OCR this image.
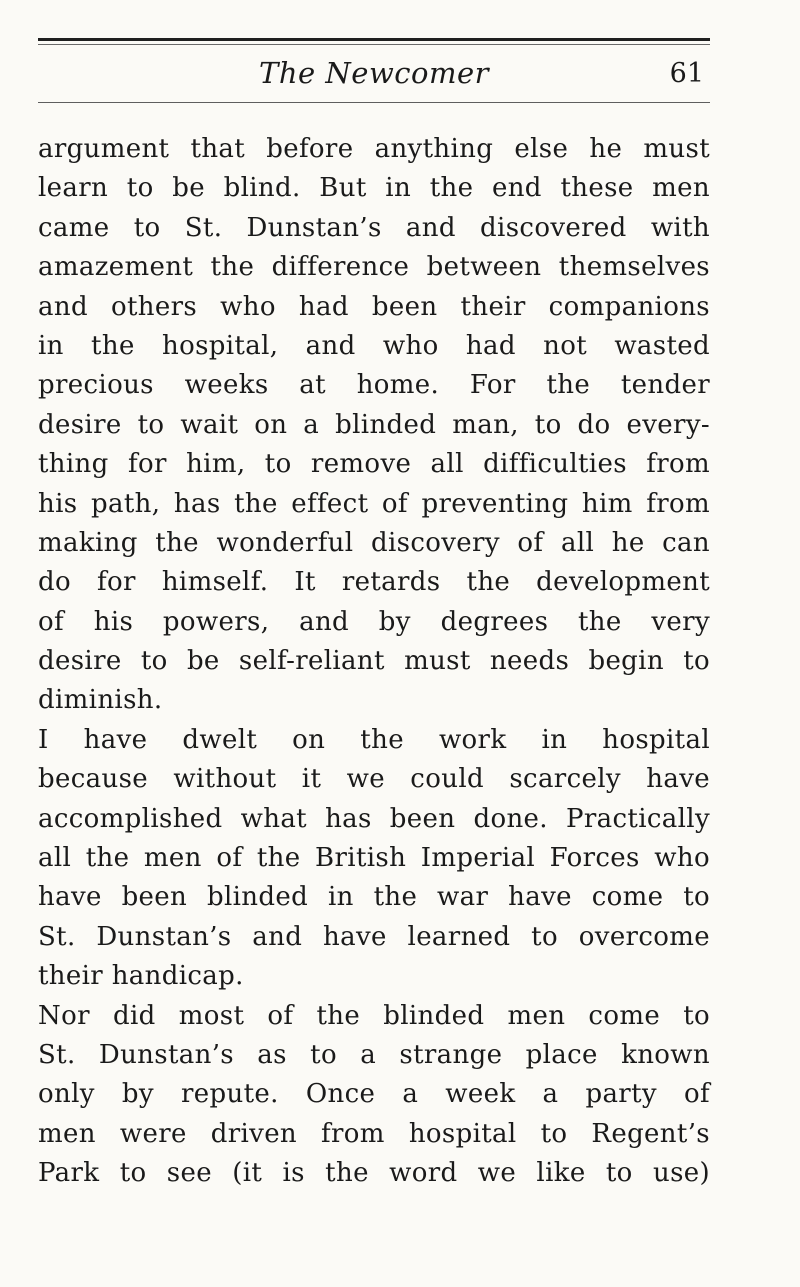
The Newcomer	61
argument that before anything else he must
learn to be blind. But in the end these men
came to St. Dunstan’s and discovered with
amazement the difference between themselves
and others who had been their companions
in the hospital, and who had not wasted
precious weeks at home. For the tender
desire to wait on a blinded man, to do every-
thing for him, to remove all difficulties from
his path, has the effect of preventing him from
making the wonderful discovery of all he can
do for himself. It retards the development
of his powers, and by degrees the very
desire to be self-reliant must needs begin to
diminish.
I have dwelt on the work in hospital
because without it we could scarcely have
accomplished what has been done. Practically
all the men of the British Imperial Forces who
have been blinded in the war have come to
St. Dunstan’s and have learned to overcome
their handicap.
Nor did most of the blinded men come to
St. Dunstan’s as to a strange place known
only by repute. Once a week a party of
men were driven from hospital to Regent’s
Park to see (it is the word we like to use)
